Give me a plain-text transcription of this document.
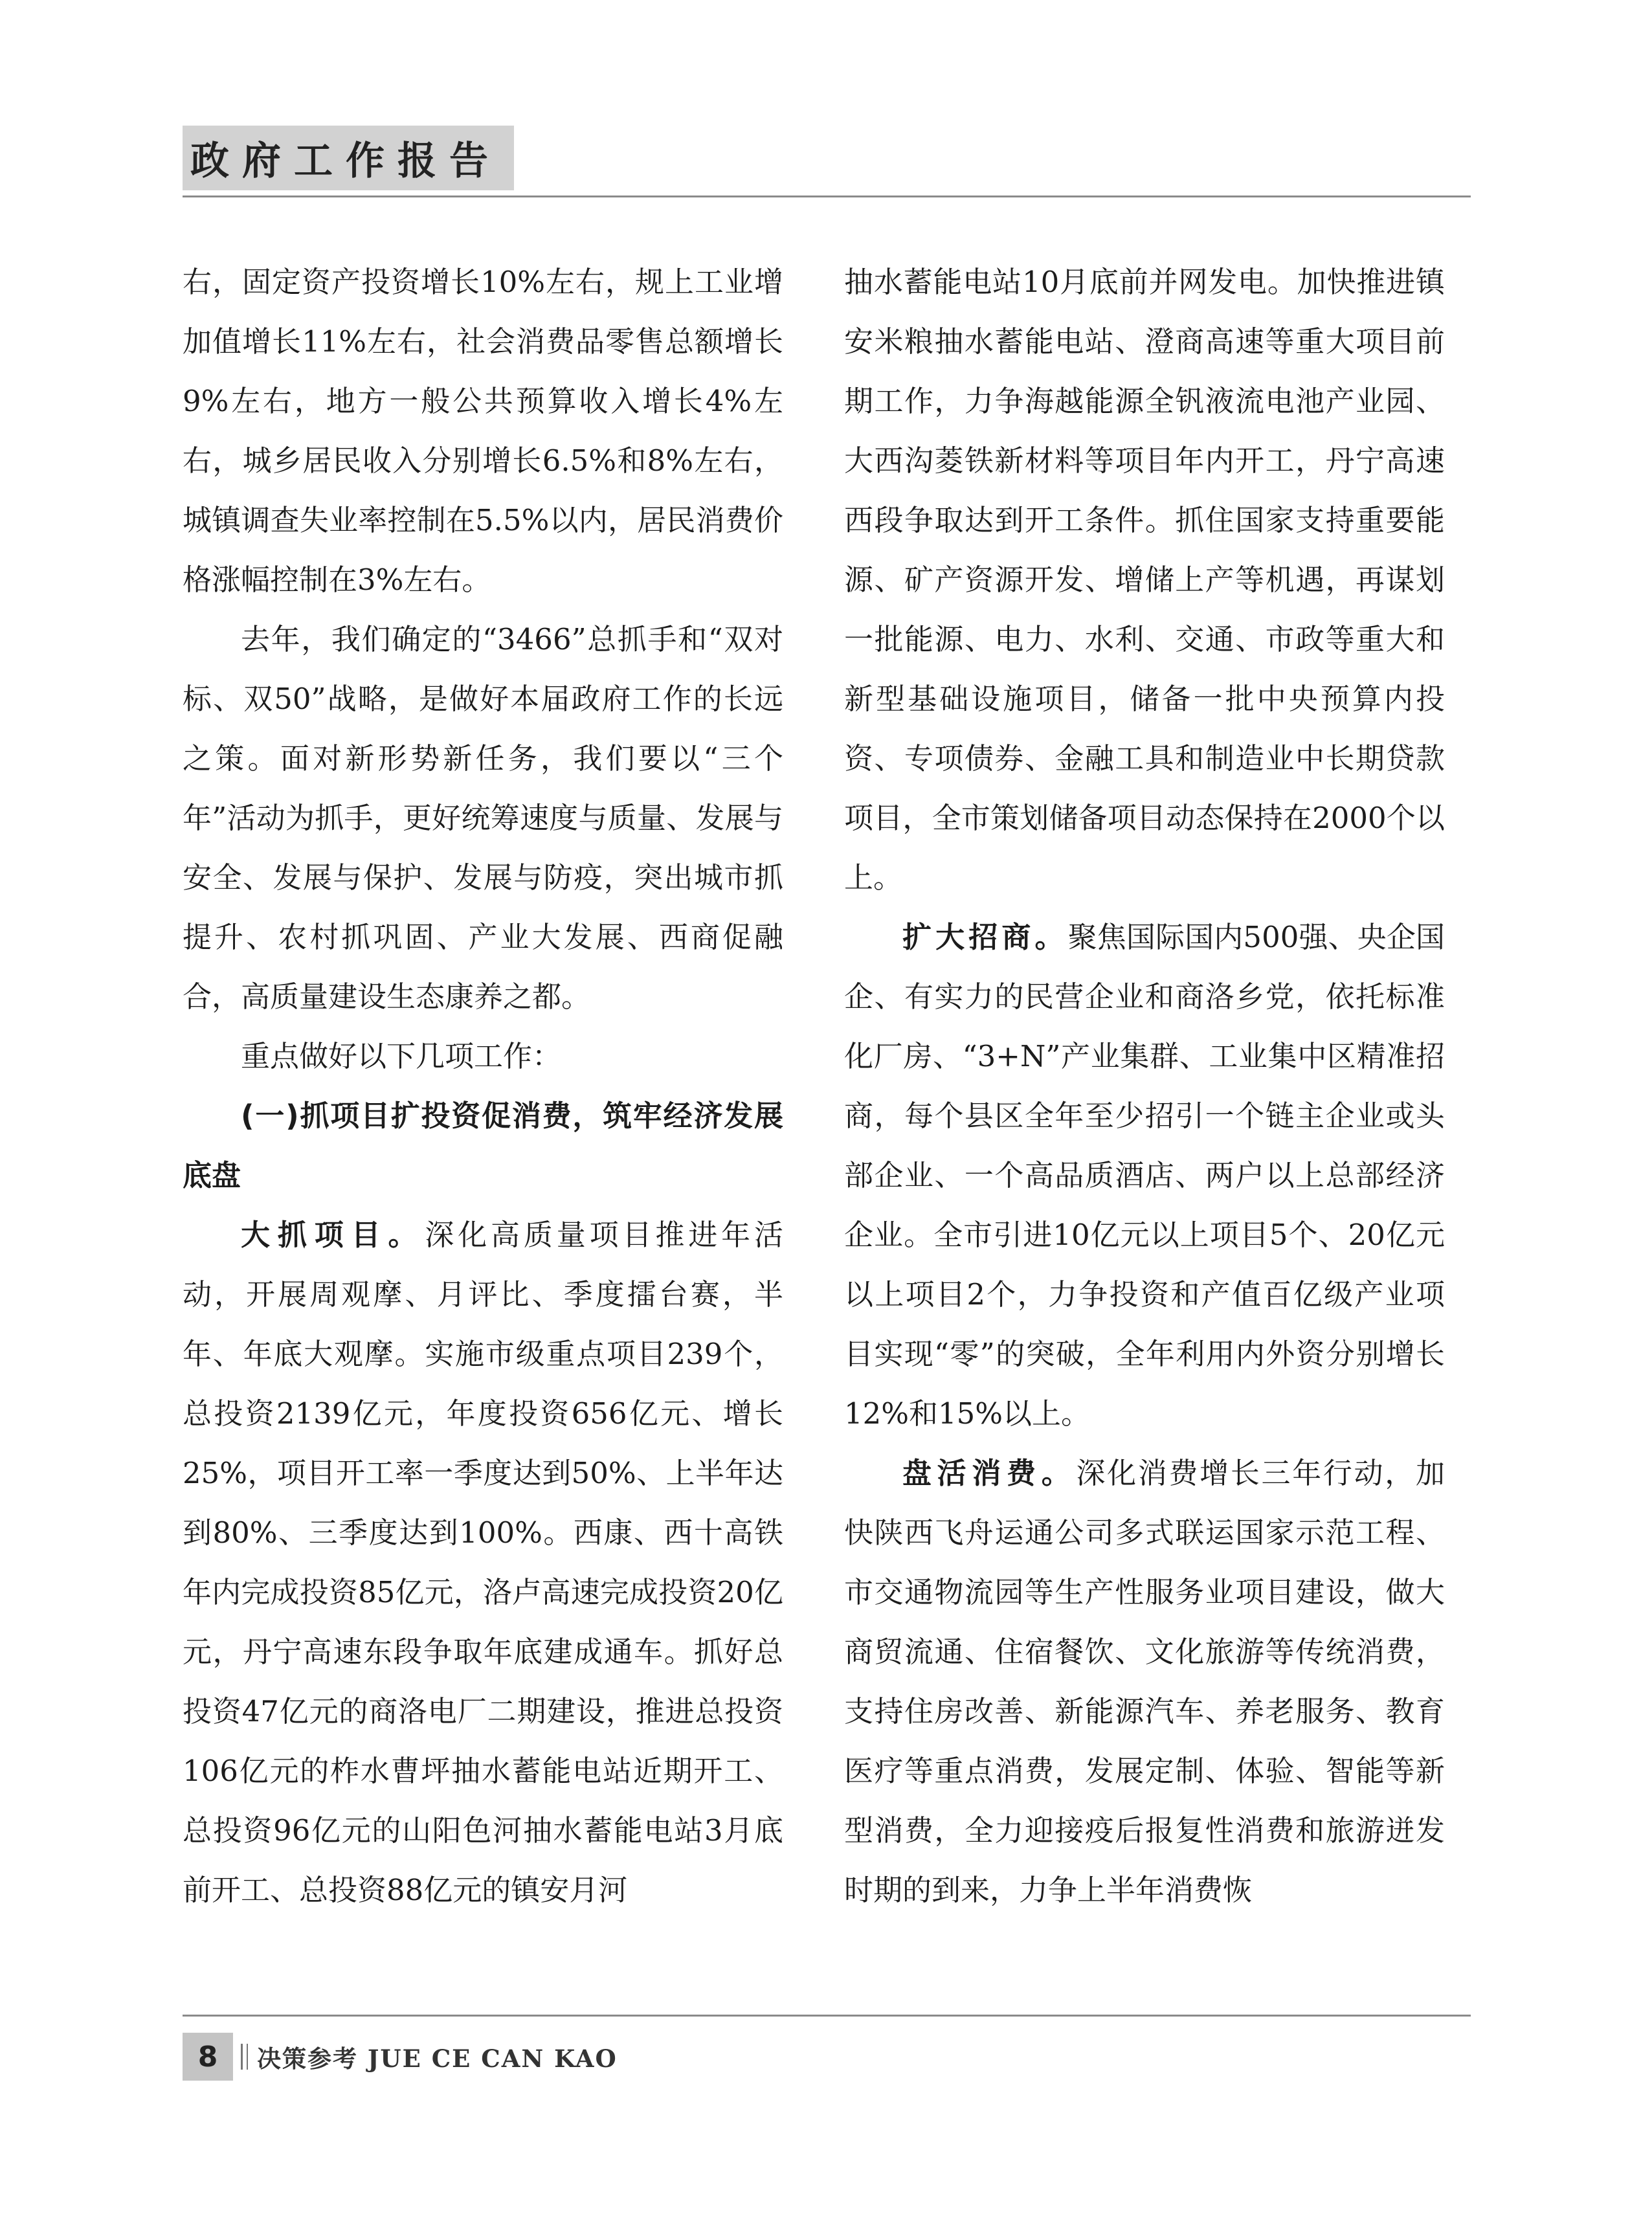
政府工作报告

右，固定资产投资增长10%左右，规上工业增加值增长11%左右，社会消费品零售总额增长9%左右，地方一般公共预算收入增长4%左右，城乡居民收入分别增长6.5%和8%左右，城镇调查失业率控制在5.5%以内，居民消费价格涨幅控制在3%左右。

去年，我们确定的“3466”总抓手和“双对标、双50”战略，是做好本届政府工作的长远之策。面对新形势新任务，我们要以“三个年”活动为抓手，更好统筹速度与质量、发展与安全、发展与保护、发展与防疫，突出城市抓提升、农村抓巩固、产业大发展、西商促融合，高质量建设生态康养之都。

重点做好以下几项工作：

(一)抓项目扩投资促消费，筑牢经济发展底盘

大抓项目。深化高质量项目推进年活动，开展周观摩、月评比、季度擂台赛，半年、年底大观摩。实施市级重点项目239个，总投资2139亿元，年度投资656亿元、增长25%，项目开工率一季度达到50%、上半年达到80%、三季度达到100%。西康、西十高铁年内完成投资85亿元，洛卢高速完成投资20亿元，丹宁高速东段争取年底建成通车。抓好总投资47亿元的商洛电厂二期建设，推进总投资106亿元的柞水曹坪抽水蓄能电站近期开工、总投资96亿元的山阳色河抽水蓄能电站3月底前开工、总投资88亿元的镇安月河

抽水蓄能电站10月底前并网发电。加快推进镇安米粮抽水蓄能电站、澄商高速等重大项目前期工作，力争海越能源全钒液流电池产业园、大西沟菱铁新材料等项目年内开工，丹宁高速西段争取达到开工条件。抓住国家支持重要能源、矿产资源开发、增储上产等机遇，再谋划一批能源、电力、水利、交通、市政等重大和新型基础设施项目，储备一批中央预算内投资、专项债券、金融工具和制造业中长期贷款项目，全市策划储备项目动态保持在2000个以上。

扩大招商。聚焦国际国内500强、央企国企、有实力的民营企业和商洛乡党，依托标准化厂房、“3+N”产业集群、工业集中区精准招商，每个县区全年至少招引一个链主企业或头部企业、一个高品质酒店、两户以上总部经济企业。全市引进10亿元以上项目5个、20亿元以上项目2个，力争投资和产值百亿级产业项目实现“零”的突破，全年利用内外资分别增长12%和15%以上。

盘活消费。深化消费增长三年行动，加快陕西飞舟运通公司多式联运国家示范工程、市交通物流园等生产性服务业项目建设，做大商贸流通、住宿餐饮、文化旅游等传统消费，支持住房改善、新能源汽车、养老服务、教育医疗等重点消费，发展定制、体验、智能等新型消费，全力迎接疫后报复性消费和旅游迸发时期的到来，力争上半年消费恢

8	决策参考 JUE CE CAN KAO
